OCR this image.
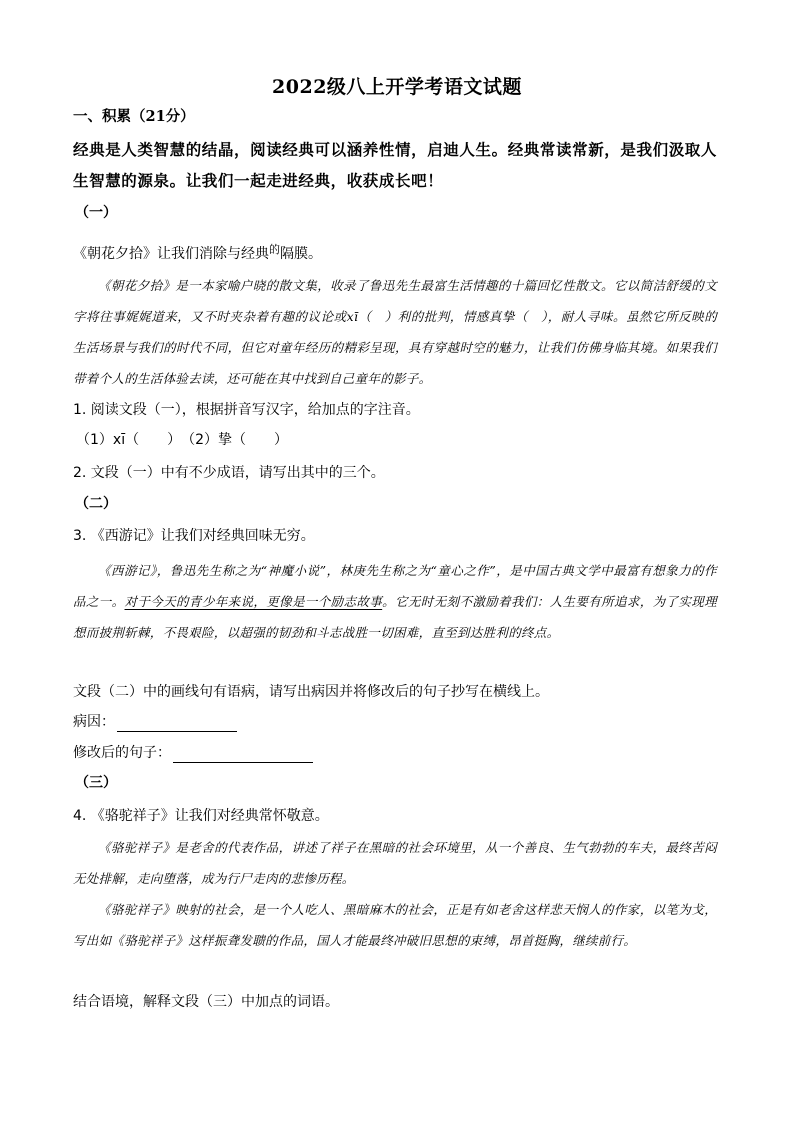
2022级八上开学考语文试题
一、积累（21分）
经典是人类智慧的结晶，阅读经典可以涵养性情，启迪人生。经典常读常新，是我们汲取人
生智慧的源泉。让我们一起走进经典，收获成长吧！
（一）
《朝花夕拾》让我们消除与经典$^的$隔膜。

《朝花夕拾》是一本家喻户晓的散文集，收录了鲁迅先生最富生活情趣的十篇回忆性散文。它以简洁舒缓的文字将往事娓娓道来，又不时夹杂着有趣的议论或xī（　）利的批判，情感真挚（　），耐人寻味。虽然它所反映的生活场景与我们的时代不同，但它对童年经历的精彩呈现，具有穿越时空的魅力，让我们仿佛身临其境。如果我们带着个人的生活体验去读，还可能在其中找到自己童年的影子。

1. 阅读文段（一），根据拼音写汉字，给加点的字注音。
（1）xī（　　）　（2）挚（　　）
2. 文段（一）中有不少成语，请写出其中的三个。
（二）
3. 《西游记》让我们对经典回味无穷。

《西游记》，鲁迅先生称之为“神魔小说”，林庚先生称之为“童心之作”，是中国古典文学中最富有想象力的作品之一。对于今天的青少年来说，更像是一个励志故事。它无时无刻不激励着我们：人生要有所追求，为了实现理想而披荆斩棘，不畏艰险，以超强的韧劲和斗志战胜一切困难，直至到达胜利的终点。

文段（二）中的画线句有语病，请写出病因并将修改后的句子抄写在横线上。
病因：
修改后的句子：
（三）
4. 《骆驼祥子》让我们对经典常怀敬意。

《骆驼祥子》是老舍的代表作品，讲述了祥子在黑暗的社会环境里，从一个善良、生气勃勃的车夫，最终苦闷无处排解，走向堕落，成为行尸走肉的悲惨历程。

《骆驼祥子》映射的社会，是一个人吃人、黑暗麻木的社会，正是有如老舍这样悲天悯人的作家，以笔为戈，写出如《骆驼祥子》这样振聋发聩的作品，国人才能最终冲破旧思想的束缚，昂首挺胸，继续前行。

结合语境，解释文段（三）中加点的词语。
